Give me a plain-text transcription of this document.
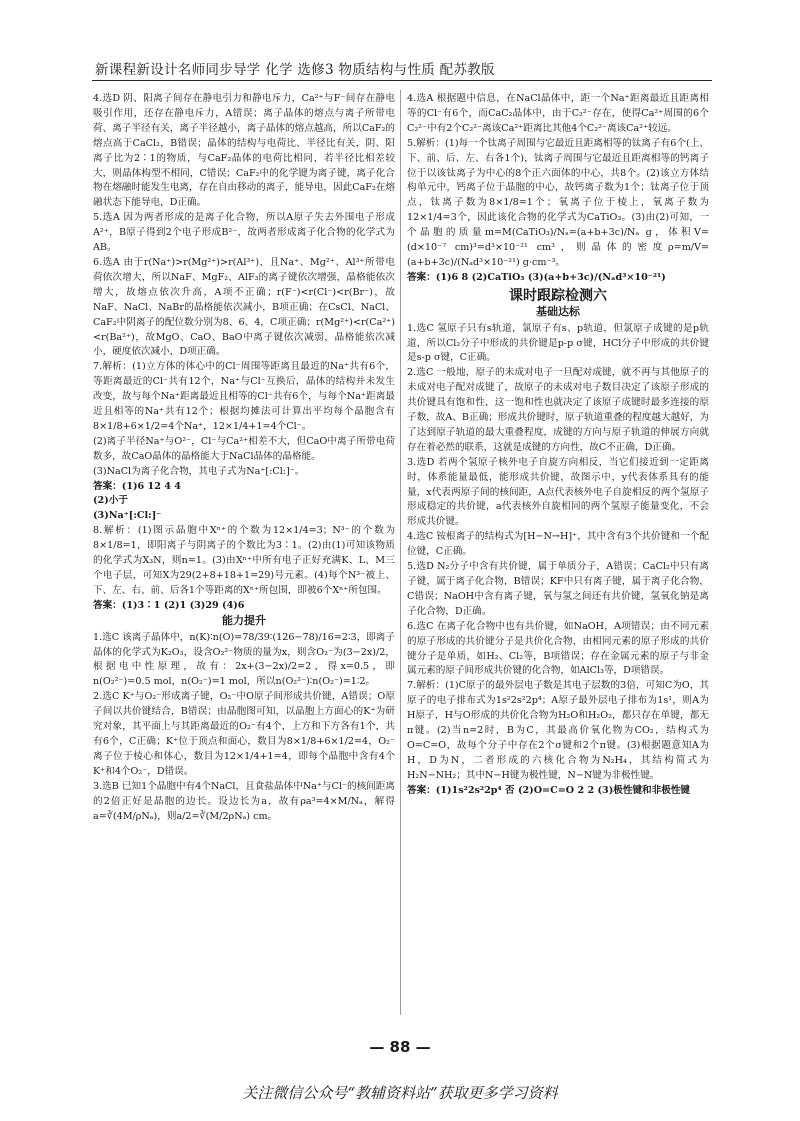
新课程新设计名师同步导学 化学 选修3 物质结构与性质 配苏教版

4.选D 阴、阳离子间存在静电引力和静电斥力，Ca²⁺与F⁻间存在静电吸引作用，还存在静电斥力，A错误；离子晶体的熔点与离子所带电荷、离子半径有关，离子半径越小，离子晶体的熔点越高，所以CaF₂的熔点高于CaCl₂，B错误；晶体的结构与电荷比、半径比有关，阴、阳离子比为2∶1的物质，与CaF₂晶体的电荷比相同，若半径比相差较大，则晶体构型不相同，C错误；CaF₂中的化学键为离子键，离子化合物在熔融时能发生电离，存在自由移动的离子，能导电，因此CaF₂在熔融状态下能导电，D正确。

5.选A 因为两者形成的是离子化合物，所以A原子失去外围电子形成A²⁺，B原子得到2个电子形成B²⁻，故两者形成离子化合物的化学式为AB。

6.选A 由于r(Na⁺)>r(Mg²⁺)>r(Al³⁺)，且Na⁺、Mg²⁺、Al³⁺所带电荷依次增大，所以NaF、MgF₂、AlF₃的离子键依次增强，晶格能依次增大，故熔点依次升高，A项不正确；r(F⁻)<r(Cl⁻)<r(Br⁻)，故NaF、NaCl、NaBr的晶格能依次减小，B项正确；在CsCl、NaCl、CaF₂中阴离子的配位数分别为8、6、4，C项正确；r(Mg²⁺)<r(Ca²⁺)<r(Ba²⁺)，故MgO、CaO、BaO中离子键依次减弱，晶格能依次减小，硬度依次减小，D项正确。

7.解析：(1)立方体的体心中的Cl⁻周围等距离且最近的Na⁺共有6个，等距离最近的Cl⁻共有12个，Na⁺与Cl⁻互换后，晶体的结构并未发生改变，故与每个Na⁺距离最近且相等的Cl⁻共有6个，与每个Na⁺距离最近且相等的Na⁺共有12个；根据均摊法可计算出平均每个晶胞含有8×1/8+6×1/2=4个Na⁺，12×1/4+1=4个Cl⁻。

(2)离子半径Na⁺与O²⁻，Cl⁻与Ca²⁺相差不大，但CaO中离子所带电荷数多，故CaO晶体的晶格能大于NaCl晶体的晶格能。

(3)NaCl为离子化合物，其电子式为Na⁺[:Cl:]⁻。

答案：(1)6 12 4 4

(2)小于

(3)Na⁺[:Cl:]⁻

8.解析：(1)图示晶胞中Xⁿ⁺的个数为12×1/4=3；N³⁻的个数为8×1/8=1，即阳离子与阴离子的个数比为3∶1。(2)由(1)可知该物质的化学式为X₃N，则n=1。(3)由Xⁿ⁺中所有电子正好充满K、L、M三个电子层，可知X为29(2+8+18+1=29)号元素。(4)每个N³⁻被上、下、左、右、前、后各1个等距离的Xⁿ⁺所包围，即被6个Xⁿ⁺所包围。

答案：(1)3∶1 (2)1 (3)29 (4)6

能力提升

1.选C 该离子晶体中，n(K)∶n(O)=78/39∶(126−78)/16=2∶3，即离子晶体的化学式为K₂O₃，设含O₂²⁻物质的量为x，则含O₂⁻为(3−2x)/2，根据电中性原理，故有：2x+(3−2x)/2=2，得x=0.5，即n(O₂²⁻)=0.5 mol，n(O₂⁻)=1 mol，所以n(O₂²⁻)∶n(O₂⁻)=1∶2。

2.选C K⁺与O₂⁻形成离子键，O₂⁻中O原子间形成共价键，A错误；O原子间以共价键结合，B错误；由晶胞图可知，以晶胞上方面心的K⁺为研究对象，其平面上与其距离最近的O₂⁻有4个，上方和下方各有1个，共有6个，C正确；K⁺位于顶点和面心，数目为8×1/8+6×1/2=4，O₂⁻离子位于棱心和体心，数目为12×1/4+1=4，即每个晶胞中含有4个K⁺和4个O₂⁻，D错误。

3.选B 已知1个晶胞中有4个NaCl，且食盐晶体中Na⁺与Cl⁻的核间距离的2倍正好是晶胞的边长。设边长为a，故有ρa³=4×M/Nₐ，解得a=∛(4M/ρNₐ)，则a/2=∛(M/2ρNₐ) cm。

4.选A 根据题中信息，在NaCl晶体中，距一个Na⁺距离最近且距离相等的Cl⁻有6个，而CaC₂晶体中，由于C₂²⁻存在，使得Ca²⁺周围的6个C₂²⁻中有2个C₂²⁻离该Ca²⁺距离比其他4个C₂²⁻离该Ca²⁺较远。

5.解析：(1)每一个钛离子周围与它最近且距离相等的钛离子有6个(上、下、前、后、左、右各1个)，钛离子周围与它最近且距离相等的钙离子位于以该钛离子为中心的8个正六面体的中心，共8个。(2)该立方体结构单元中，钙离子位于晶胞的中心，故钙离子数为1个；钛离子位于顶点，钛离子数为8×1/8=1个；氧离子位于棱上，氧离子数为12×1/4=3个，因此该化合物的化学式为CaTiO₃。(3)由(2)可知，一个晶胞的质量m=M(CaTiO₃)/Nₐ=(a+b+3c)/Nₐ g，体积V=(d×10⁻⁷ cm)³=d³×10⁻²¹ cm³，则晶体的密度ρ=m/V=(a+b+3c)/(Nₐd³×10⁻²¹) g·cm⁻³。

答案：(1)6 8 (2)CaTiO₃ (3)(a+b+3c)/(Nₐd³×10⁻²¹)

课时跟踪检测六
基础达标

1.选C 氢原子只有s轨道，氯原子有s、p轨道，但氯原子成键的是p轨道，所以Cl₂分子中形成的共价键是p-p σ键，HCl分子中形成的共价键是s-p σ键，C正确。

2.选C 一般地，原子的未成对电子一旦配对成键，就不再与其他原子的未成对电子配对成键了，故原子的未成对电子数目决定了该原子形成的共价键具有饱和性，这一饱和性也就决定了该原子成键时最多连接的原子数，故A、B正确；形成共价键时，原子轨道重叠的程度越大越好，为了达到原子轨道的最大重叠程度，成键的方向与原子轨道的伸展方向就存在着必然的联系，这就是成键的方向性，故C不正确，D正确。

3.选D 若两个氢原子核外电子自旋方向相反，当它们接近到一定距离时，体系能量最低，能形成共价键，故图示中，y代表体系具有的能量，x代表两原子间的核间距，A点代表核外电子自旋相反的两个氢原子形成稳定的共价键，a代表核外自旋相同的两个氢原子能量变化，不会形成共价键。

4.选C 铵根离子的结构式为[H−N→H]⁺，其中含有3个共价键和一个配位键，C正确。

5.选D N₂分子中含有共价键，属于单质分子，A错误；CaCl₂中只有离子键，属于离子化合物，B错误；KF中只有离子键，属于离子化合物，C错误；NaOH中含有离子键，氧与氢之间还有共价键，氢氧化钠是离子化合物，D正确。

6.选C 在离子化合物中也有共价键，如NaOH，A项错误；由不同元素的原子形成的共价键分子是共价化合物，由相同元素的原子形成的共价键分子是单质，如H₂、Cl₂等，B项错误；存在金属元素的原子与非金属元素的原子间形成共价键的化合物，如AlCl₃等，D项错误。

7.解析：(1)C原子的最外层电子数是其电子层数的3倍，可知C为O，其原子的电子排布式为1s²2s²2p⁴；A原子最外层电子排布为1s¹，则A为H原子，H与O形成的共价化合物为H₂O和H₂O₂，都只存在单键，都无π键。(2)当n=2时，B为C，其最高价氧化物为CO₂，结构式为O=C=O，故每个分子中存在2个σ键和2个π键。(3)根据题意知A为H，D为N，二者形成的六核化合物为N₂H₄，其结构简式为H₂N−NH₂；其中N−H键为极性键，N−N键为非极性键。

答案：(1)1s²2s²2p⁴ 否 (2)O=C=O 2 2 (3)极性键和非极性键

— 88 —
关注微信公众号“教辅资料站”获取更多学习资料
